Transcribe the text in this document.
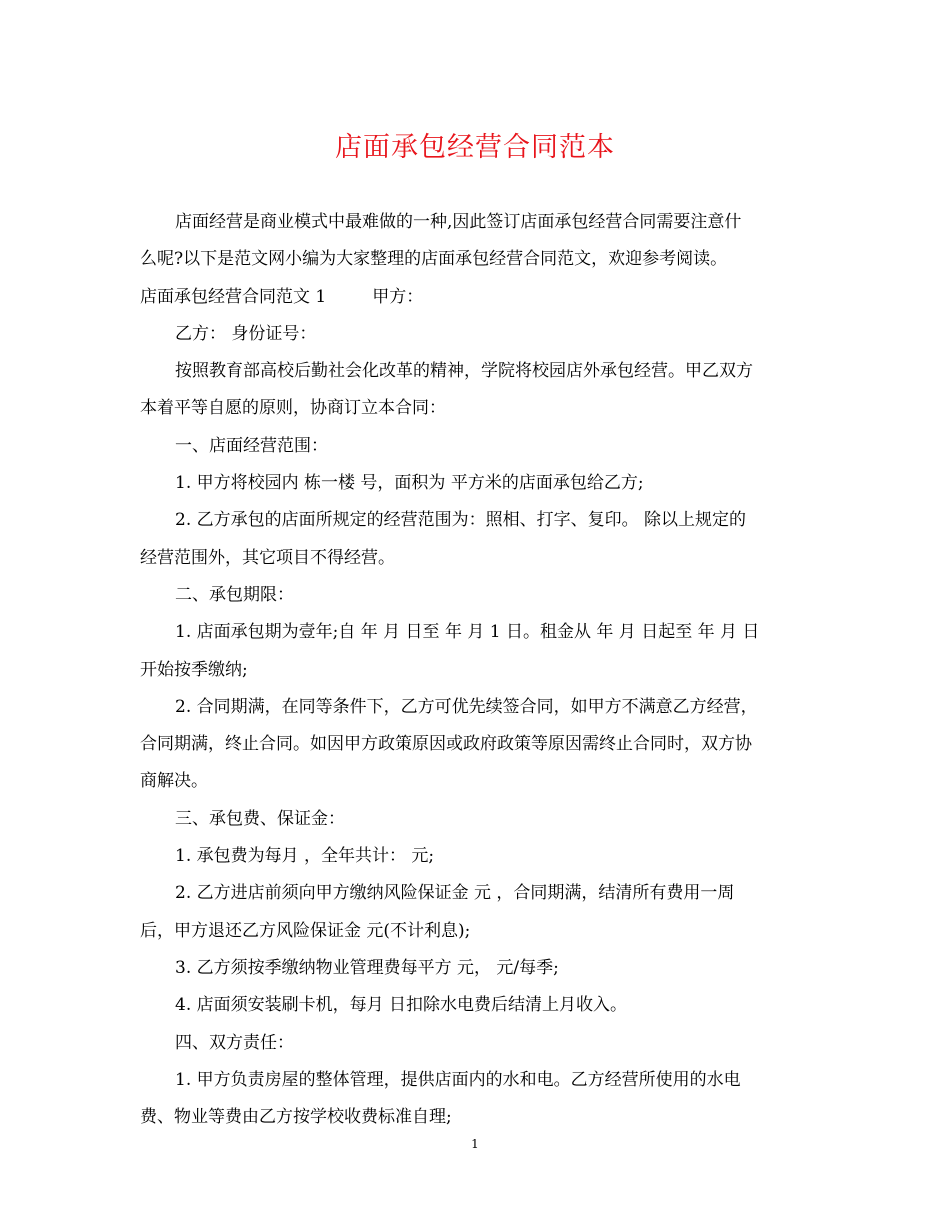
店面承包经营合同范本

店面经营是商业模式中最难做的一种,因此签订店面承包经营合同需要注意什

么呢?以下是范文网小编为大家整理的店面承包经营合同范文，欢迎参考阅读。

店面承包经营合同范文 1	甲方：

乙方： 身份证号：

按照教育部高校后勤社会化改革的精神，学院将校园店外承包经营。甲乙双方

本着平等自愿的原则，协商订立本合同：

一、店面经营范围：

1. 甲方将校园内 栋一楼 号，面积为 平方米的店面承包给乙方;

2. 乙方承包的店面所规定的经营范围为：照相、打字、复印。 除以上规定的

经营范围外，其它项目不得经营。

二、承包期限：

1. 店面承包期为壹年;自 年 月 日至 年 月 1 日。租金从 年 月 日起至 年 月 日

开始按季缴纳;

2. 合同期满，在同等条件下，乙方可优先续签合同，如甲方不满意乙方经营，

合同期满，终止合同。如因甲方政策原因或政府政策等原因需终止合同时，双方协

商解决。

三、承包费、保证金：

1. 承包费为每月 ，全年共计： 元;

2. 乙方进店前须向甲方缴纳风险保证金 元 ，合同期满，结清所有费用一周

后，甲方退还乙方风险保证金 元(不计利息);

3. 乙方须按季缴纳物业管理费每平方 元， 元/每季;

4. 店面须安装刷卡机，每月 日扣除水电费后结清上月收入。

四、双方责任：

1. 甲方负责房屋的整体管理，提供店面内的水和电。乙方经营所使用的水电

费、物业等费由乙方按学校收费标准自理;

1
